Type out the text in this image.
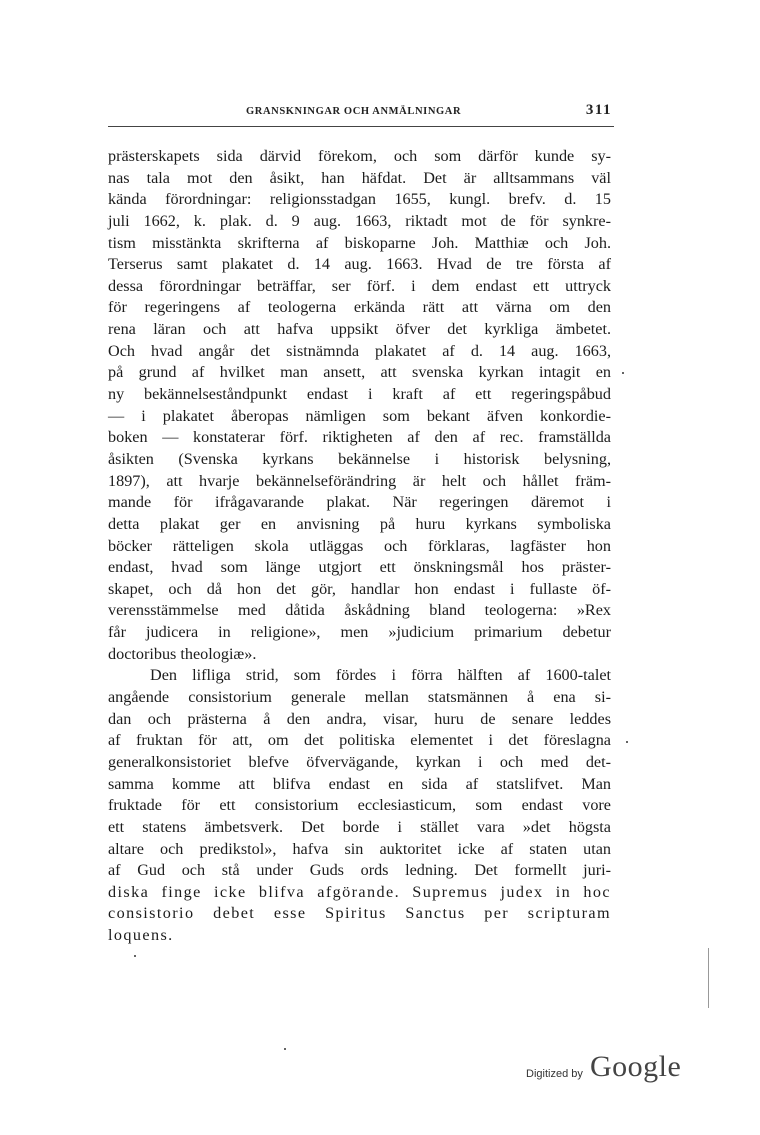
GRANSKNINGAR OCH ANMÄLNINGAR	311
prästerskapets sida därvid förekom, och som därför kunde sy-
nas tala mot den åsikt, han häfdat. Det är alltsammans väl
kända förordningar: religionsstadgan 1655, kungl. brefv. d. 15
juli 1662, k. plak. d. 9 aug. 1663, riktadt mot de för synkre-
tism misstänkta skrifterna af biskoparne Joh. Matthiæ och Joh.
Terserus samt plakatet d. 14 aug. 1663. Hvad de tre första af
dessa förordningar beträffar, ser förf. i dem endast ett uttryck
för regeringens af teologerna erkända rätt att värna om den
rena läran och att hafva uppsikt öfver det kyrkliga ämbetet.
Och hvad angår det sistnämnda plakatet af d. 14 aug. 1663,
på grund af hvilket man ansett, att svenska kyrkan intagit en
ny bekännelseståndpunkt endast i kraft af ett regeringspåbud
— i plakatet åberopas nämligen som bekant äfven konkordie-
boken — konstaterar förf. riktigheten af den af rec. framställda
åsikten (Svenska kyrkans bekännelse i historisk belysning,
1897), att hvarje bekännelseförändring är helt och hållet främ-
mande för ifrågavarande plakat. När regeringen däremot i
detta plakat ger en anvisning på huru kyrkans symboliska
böcker rätteligen skola utläggas och förklaras, lagfäster hon
endast, hvad som länge utgjort ett önskningsmål hos präster-
skapet, och då hon det gör, handlar hon endast i fullaste öf-
verensstämmelse med dåtida åskådning bland teologerna: »Rex
får judicera in religione», men »judicium primarium debetur
doctoribus theologiæ».
Den lifliga strid, som fördes i förra hälften af 1600-talet
angående consistorium generale mellan statsmännen å ena si-
dan och prästerna å den andra, visar, huru de senare leddes
af fruktan för att, om det politiska elementet i det föreslagna
generalkonsistoriet blefve öfvervägande, kyrkan i och med det-
samma komme att blifva endast en sida af statslifvet. Man
fruktade för ett consistorium ecclesiasticum, som endast vore
ett statens ämbetsverk. Det borde i stället vara »det högsta
altare och predikstol», hafva sin auktoritet icke af staten utan
af Gud och stå under Guds ords ledning. Det formellt juri-
diska finge icke blifva afgörande. Supremus judex in hoc
consistorio debet esse Spiritus Sanctus per scripturam
loquens.
Digitized by Google
